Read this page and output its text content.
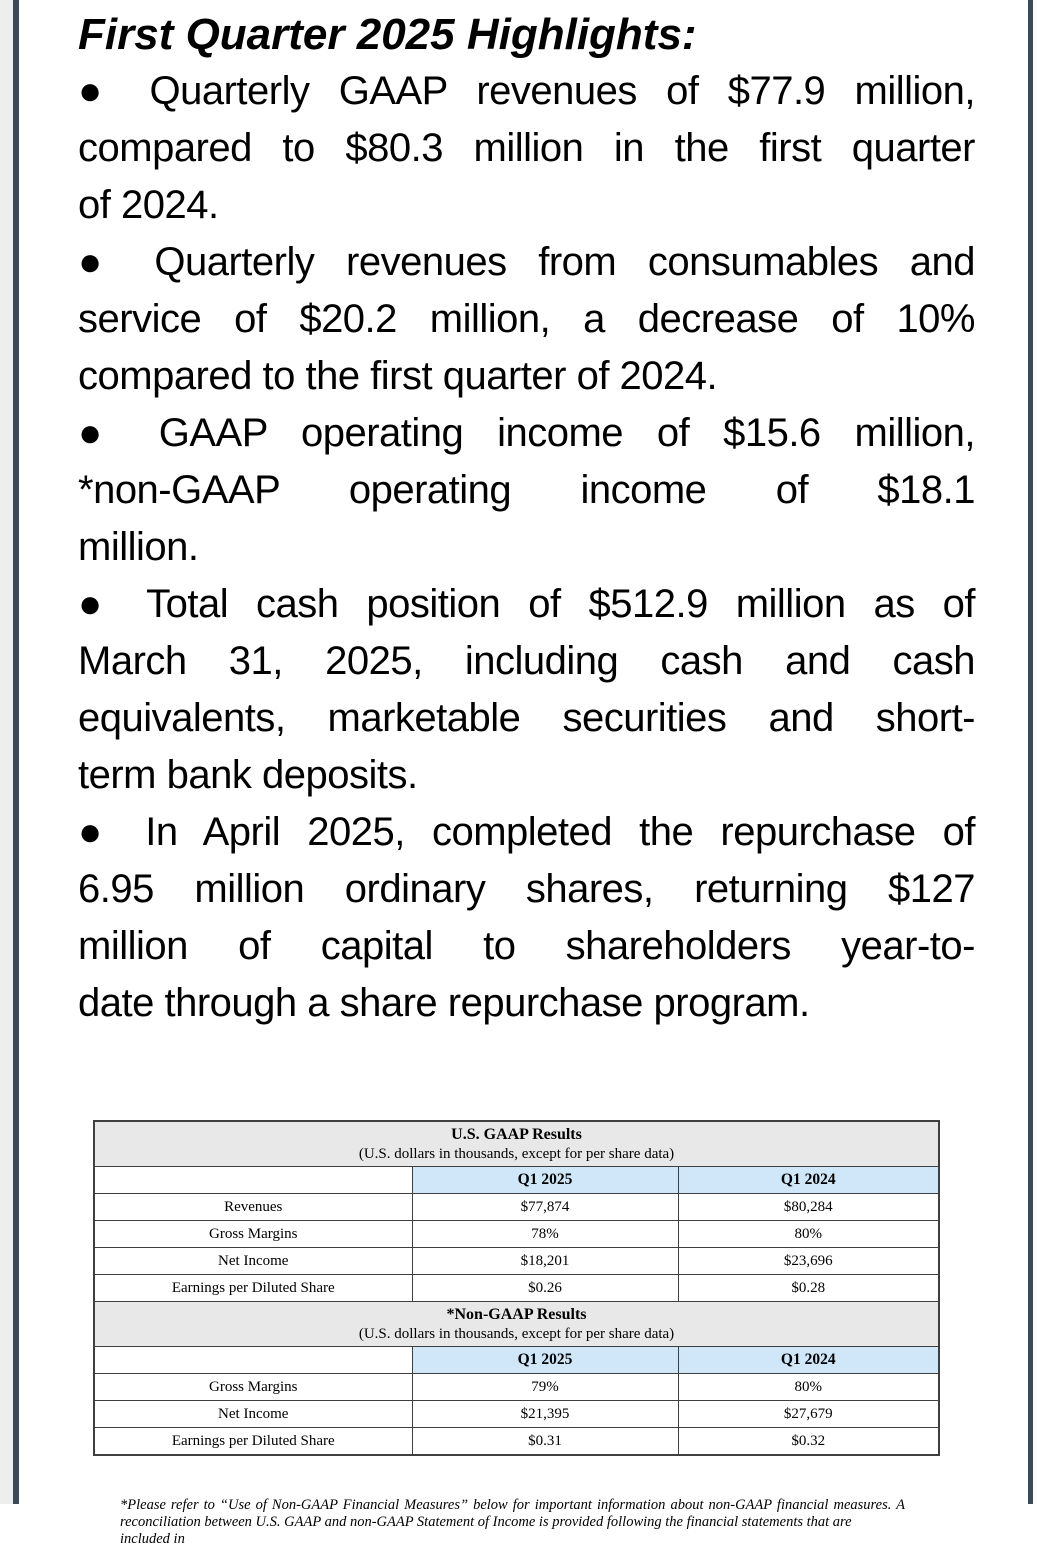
First Quarter 2025 Highlights:
● Quarterly GAAP revenues of $77.9 million,
compared to $80.3 million in the first quarter
of 2024.
● Quarterly revenues from consumables and
service of $20.2 million, a decrease of 10%
compared to the first quarter of 2024.
● GAAP operating income of $15.6 million,
*non-GAAP operating income of $18.1
million.
● Total cash position of $512.9 million as of
March 31, 2025, including cash and cash
equivalents, marketable securities and short-
term bank deposits.
● In April 2025, completed the repurchase of
6.95 million ordinary shares, returning $127
million of capital to shareholders year-to-
date through a share repurchase program.
U.S. GAAP Results
(U.S. dollars in thousands, except for per share data)		

	Q1 2025	Q1 2024
Revenues	$77,874	$80,284
Gross Margins	78%	80%
Net Income	$18,201	$23,696
Earnings per Diluted Share	$0.26	$0.28

*Non-GAAP Results
(U.S. dollars in thousands, except for per share data)		

	Q1 2025	Q1 2024
Gross Margins	79%	80%
Net Income	$21,395	$27,679
Earnings per Diluted Share	$0.31	$0.32
*Please refer to “Use of Non-GAAP Financial Measures” below for important information about non-GAAP financial measures. A
reconciliation between U.S. GAAP and non-GAAP Statement of Income is provided following the financial statements that are included in
